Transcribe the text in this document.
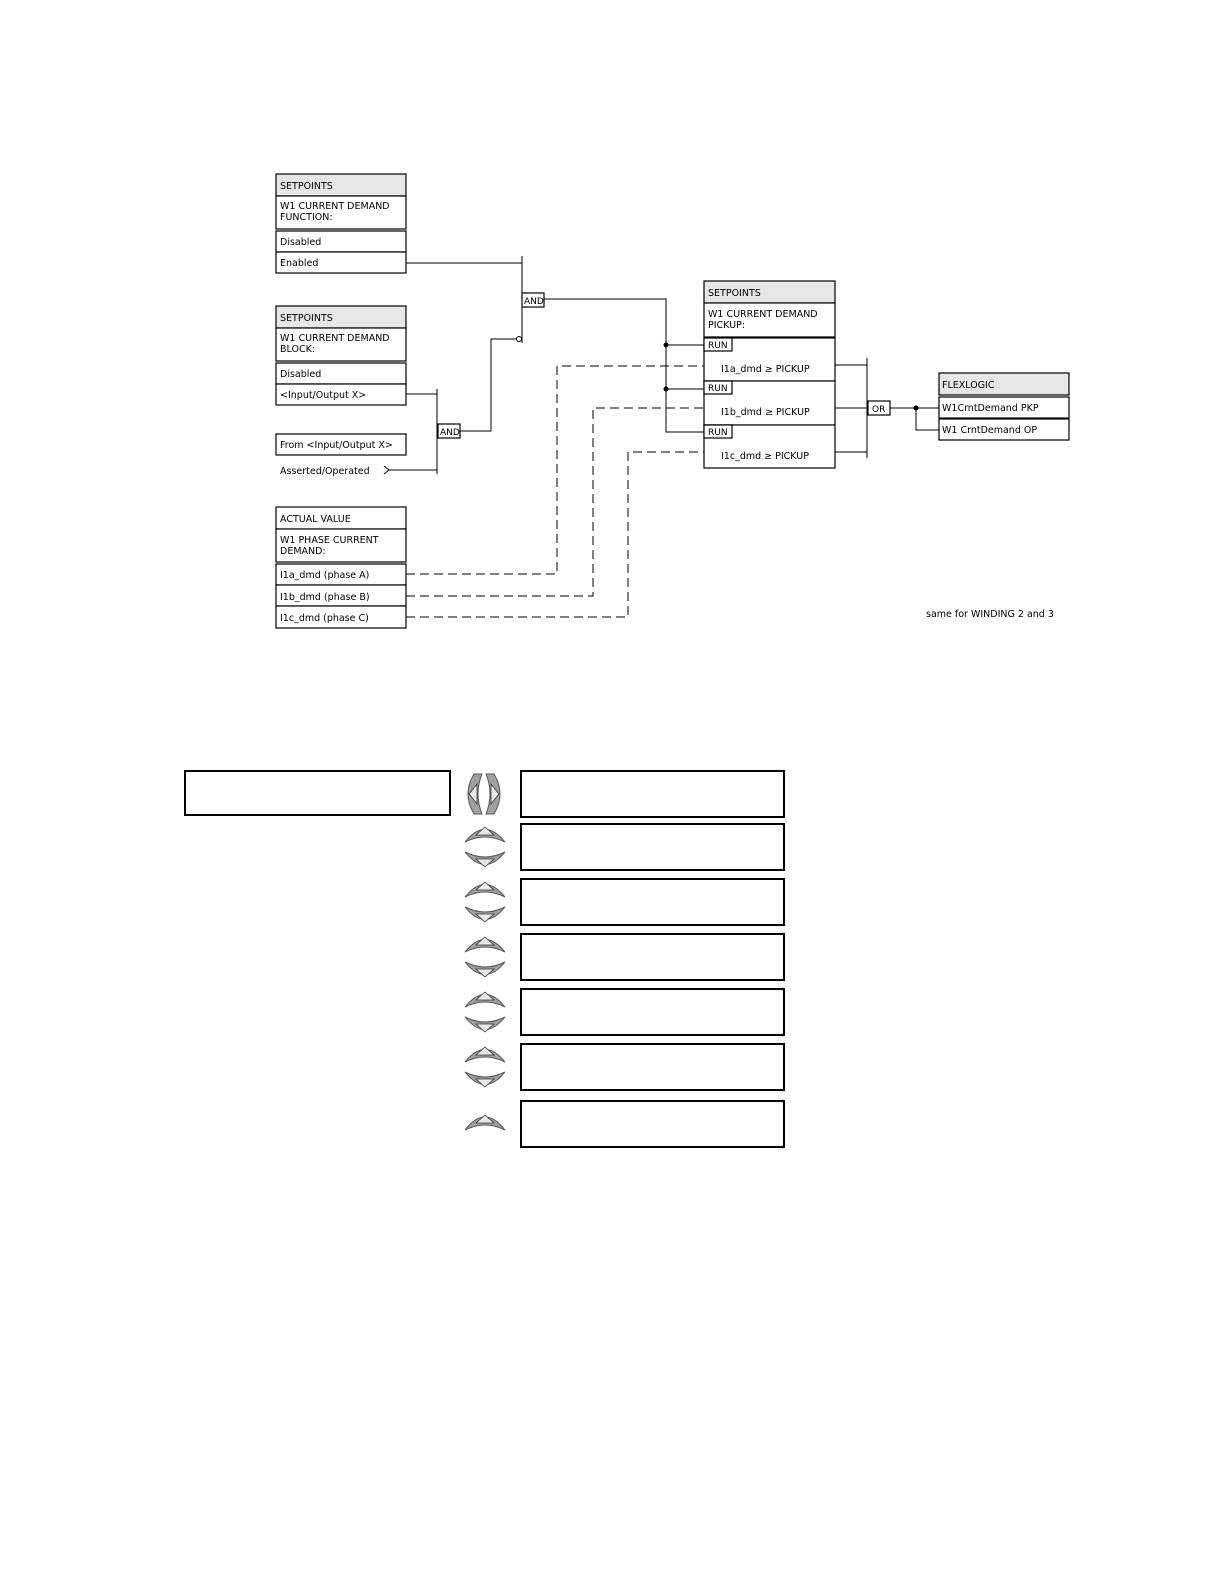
SETPOINTS
W1 CURRENT DEMAND
FUNCTION:
Disabled
Enabled
SETPOINTS
W1 CURRENT DEMAND
BLOCK:
Disabled
<Input/Output X>
From <Input/Output X>
Asserted/Operated
ACTUAL VALUE
W1 PHASE CURRENT
DEMAND:
I1a_dmd (phase A)
I1b_dmd (phase B)
I1c_dmd (phase C)
AND
AND
SETPOINTS
W1 CURRENT DEMAND
PICKUP:
RUN
RUN
RUN
I1a_dmd ≥ PICKUP
I1b_dmd ≥ PICKUP
I1c_dmd ≥ PICKUP
OR
FLEXLOGIC
W1CrntDemand PKP
W1 CrntDemand OP
same for WINDING 2 and 3
